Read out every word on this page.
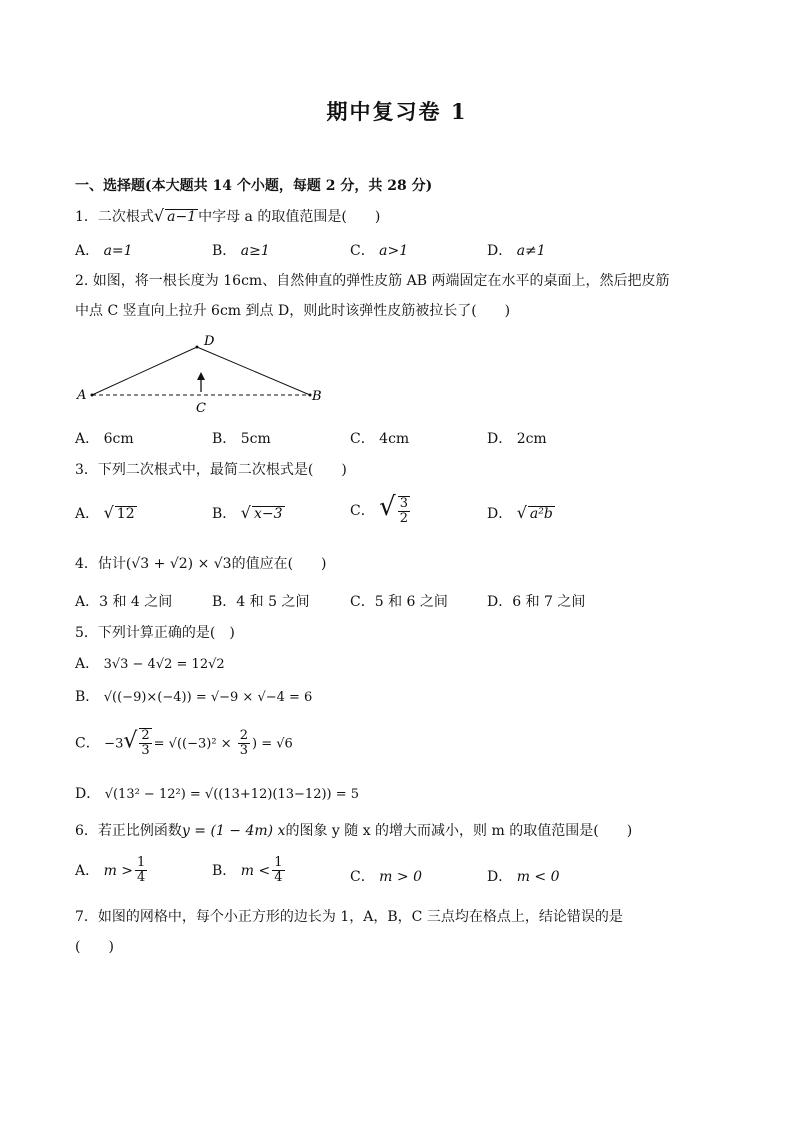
期中复习卷 1
一、选择题(本大题共 14 个小题，每题 2 分，共 28 分)
1．二次根式√ a−1 中字母 a 的取值范围是(　　)
A． a=1	B． a≥1	C． a>1	D． a≠1
2. 如图，将一根长度为 16cm、自然伸直的弹性皮筋 AB 两端固定在水平的桌面上，然后把皮筋
中点 C 竖直向上拉升 6cm 到点 D，则此时该弹性皮筋被拉长了(　　)
A	B
C
D
A． 6cm	B． 5cm	C． 4cm	D． 2cm
3．下列二次根式中，最简二次根式是(　　)
A． √ 12	B． √ x−3	C． √ $\frac{3}{2}$	D． √ a²b
4．估计(√3 + √2) × √3的值应在(　　)
A．3 和 4 之间	B．4 和 5 之间	C．5 和 6 之间	D．6 和 7 之间
5．下列计算正确的是(　)
A． 3√3 − 4√2 = 12√2
B． √((−9)×(−4)) = √−9 × √−4 = 6
C． $-3√ \frac{2}{3} = √((-3)^2 \times \frac{2}{3}$ ) = √6
D． √(13² − 12²) = √((13+12)(13−12)) = 5
6．若正比例函数y = (1 − 4m) x的图象 y 随 x 的增大而减小，则 m 的取值范围是(　　)
A． $m > \frac{1}{4}$	B． $m < \frac{1}{4}$	C． m > 0	D． m < 0
7．如图的网格中，每个小正方形的边长为 1，A，B，C 三点均在格点上，结论错误的是
(　　)
